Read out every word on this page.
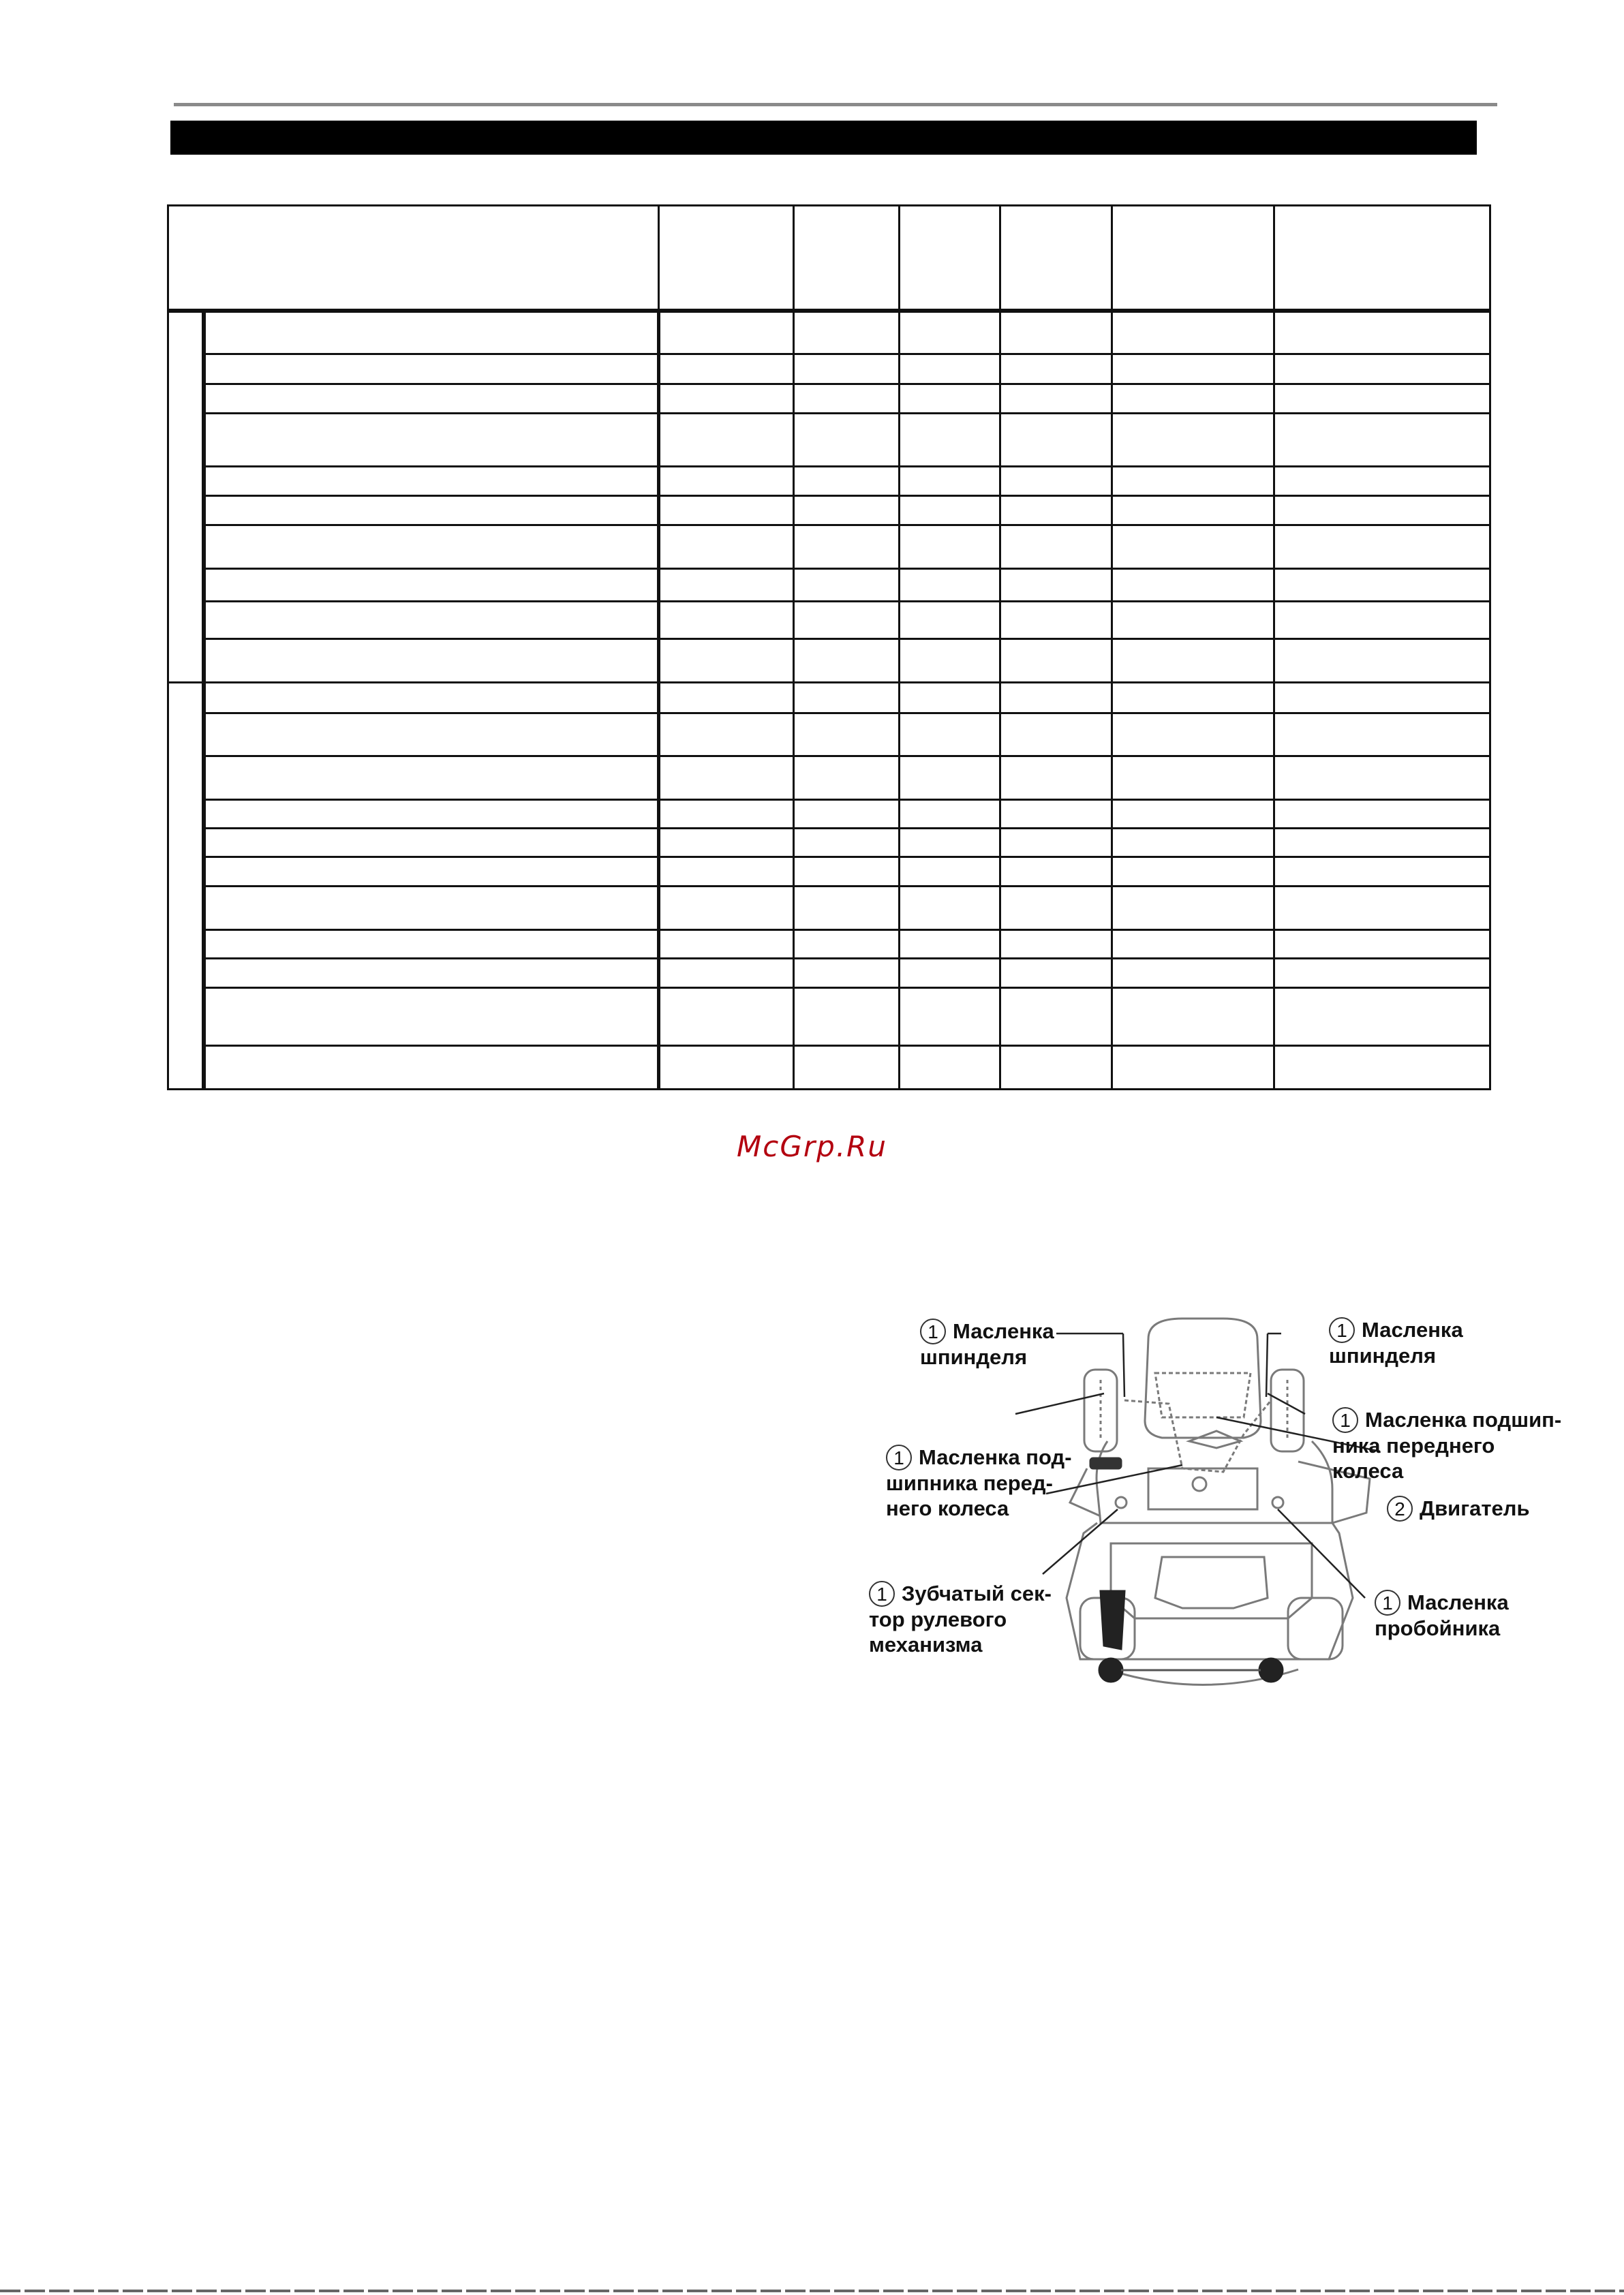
McGrp.Ru
1 Масленка
шпинделя
1 Масленка
шпинделя
1 Масленка подшип-
ника переднего
колеса
1 Масленка под-
шипника перед-
него колеса	2 Двигатель
1 Зубчатый сек-
тор рулевого
механизма
1 Масленка
пробойника
